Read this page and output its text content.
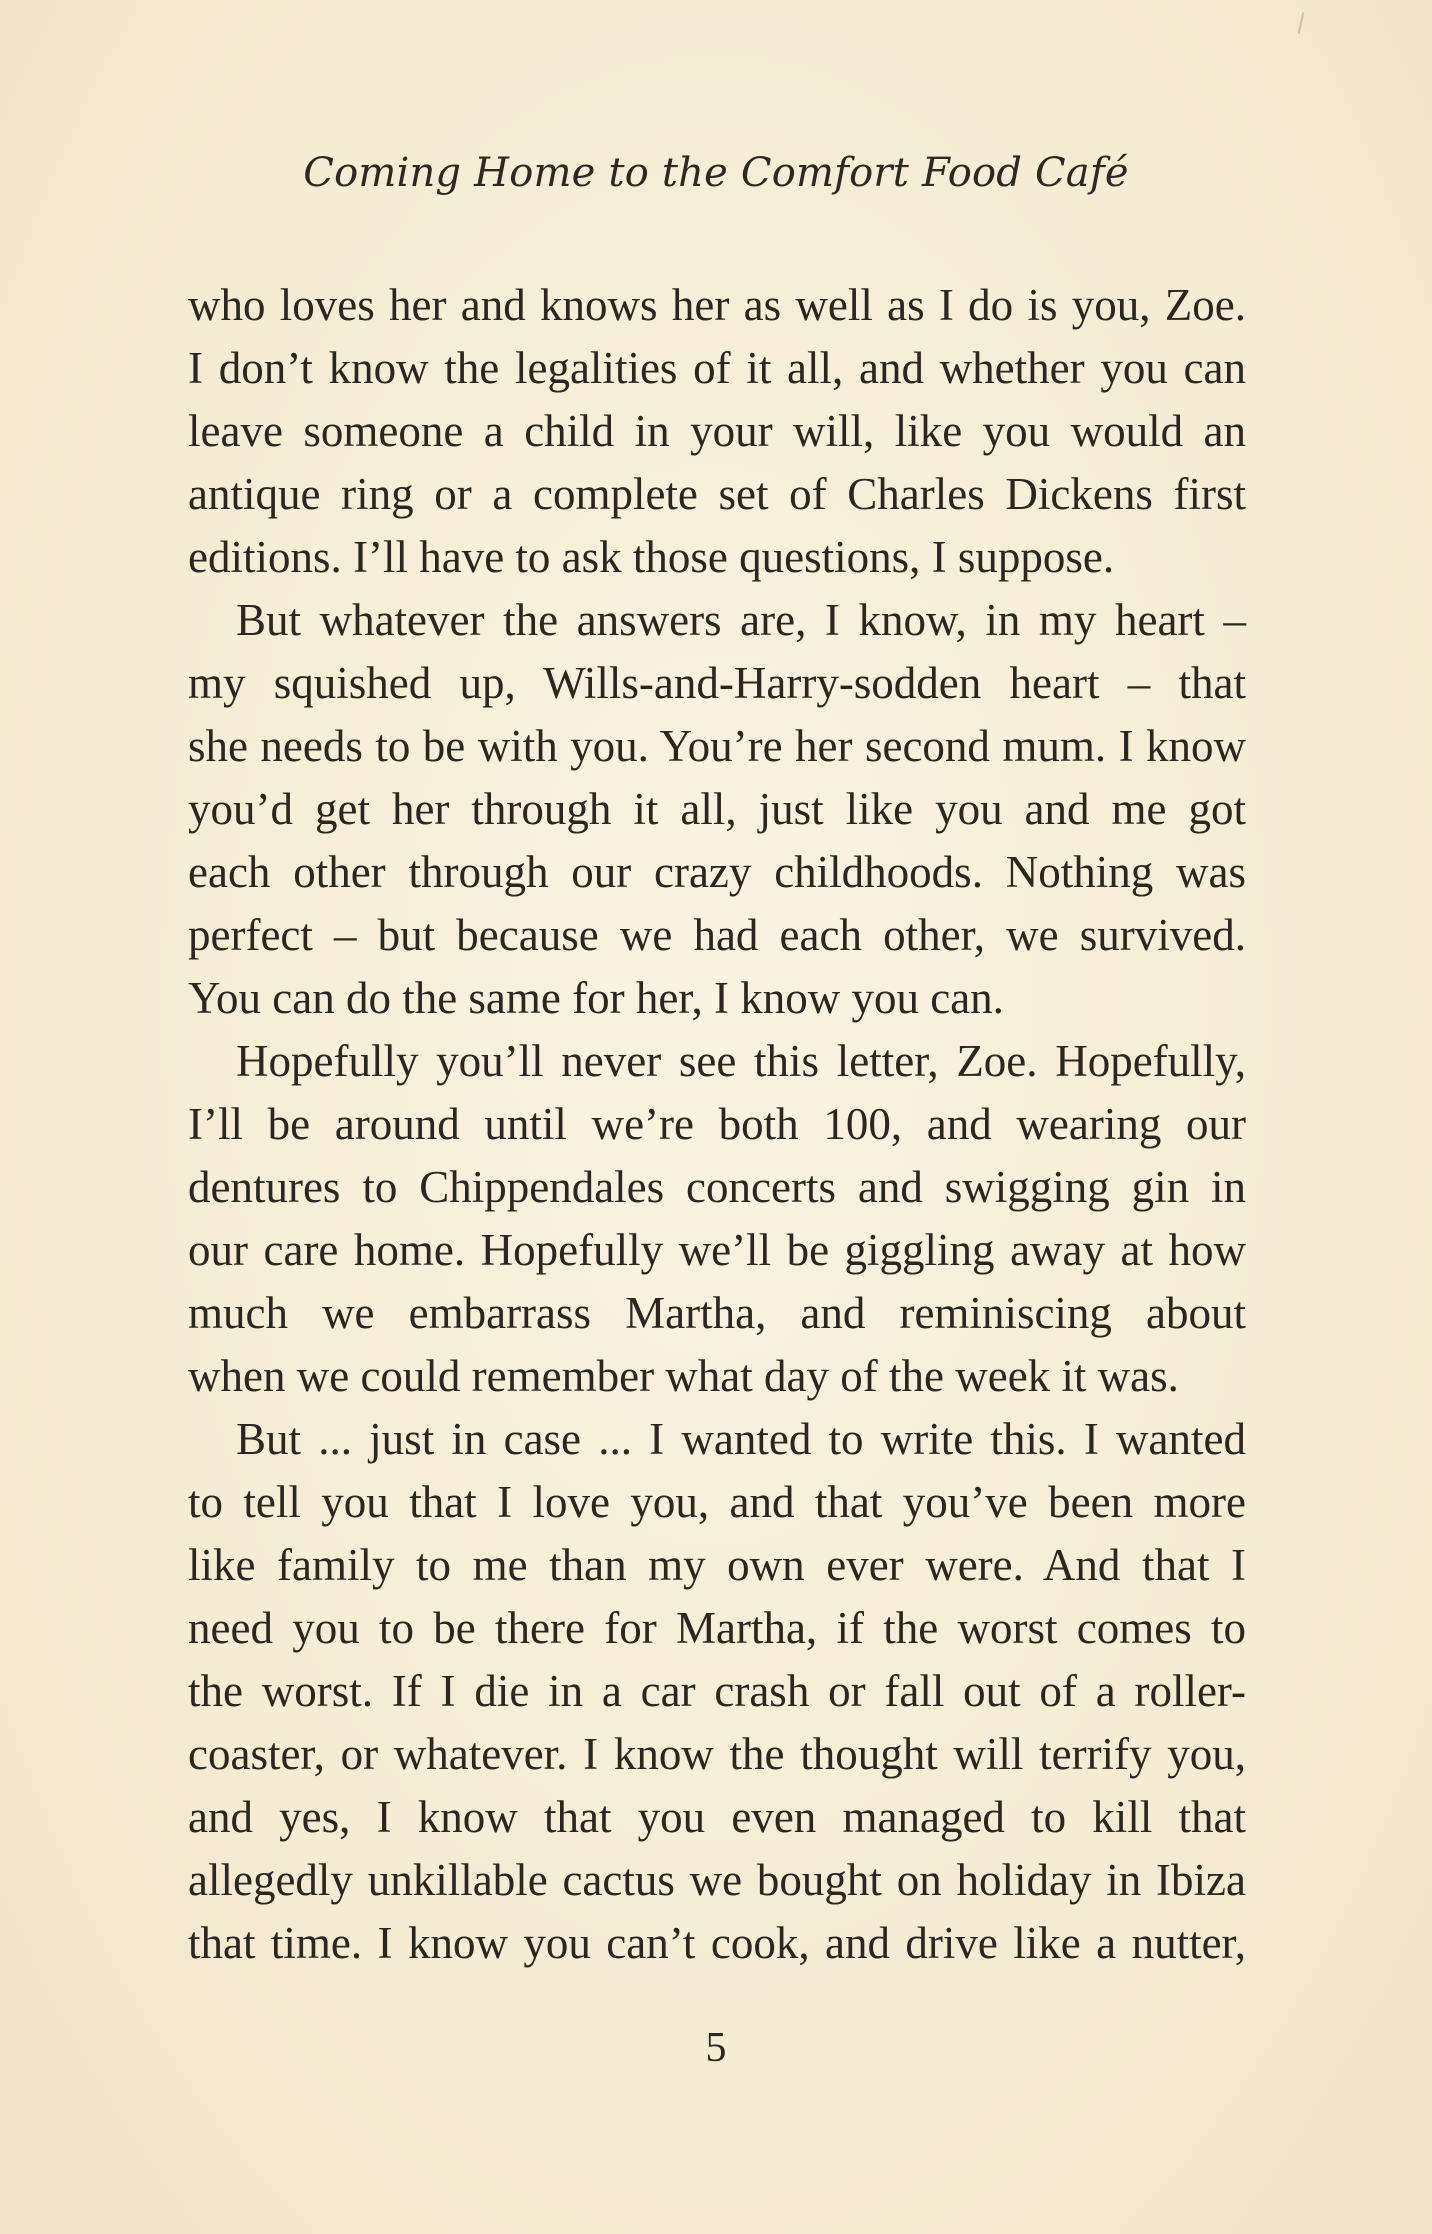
Coming Home to the Comfort Food Café
who loves her and knows her as well as I do is you, Zoe.
I don’t know the legalities of it all, and whether you can
leave someone a child in your will, like you would an
antique ring or a complete set of Charles Dickens first
editions. I’ll have to ask those questions, I suppose.
But whatever the answers are, I know, in my heart –
my squished up, Wills-and-Harry-sodden heart – that
she needs to be with you. You’re her second mum. I know
you’d get her through it all, just like you and me got
each other through our crazy childhoods. Nothing was
perfect – but because we had each other, we survived.
You can do the same for her, I know you can.
Hopefully you’ll never see this letter, Zoe. Hopefully,
I’ll be around until we’re both 100, and wearing our
dentures to Chippendales concerts and swigging gin in
our care home. Hopefully we’ll be giggling away at how
much we embarrass Martha, and reminiscing about
when we could remember what day of the week it was.
But ... just in case ... I wanted to write this. I wanted
to tell you that I love you, and that you’ve been more
like family to me than my own ever were. And that I
need you to be there for Martha, if the worst comes to
the worst. If I die in a car crash or fall out of a roller-
coaster, or whatever. I know the thought will terrify you,
and yes, I know that you even managed to kill that
allegedly unkillable cactus we bought on holiday in Ibiza
that time. I know you can’t cook, and drive like a nutter,
5
